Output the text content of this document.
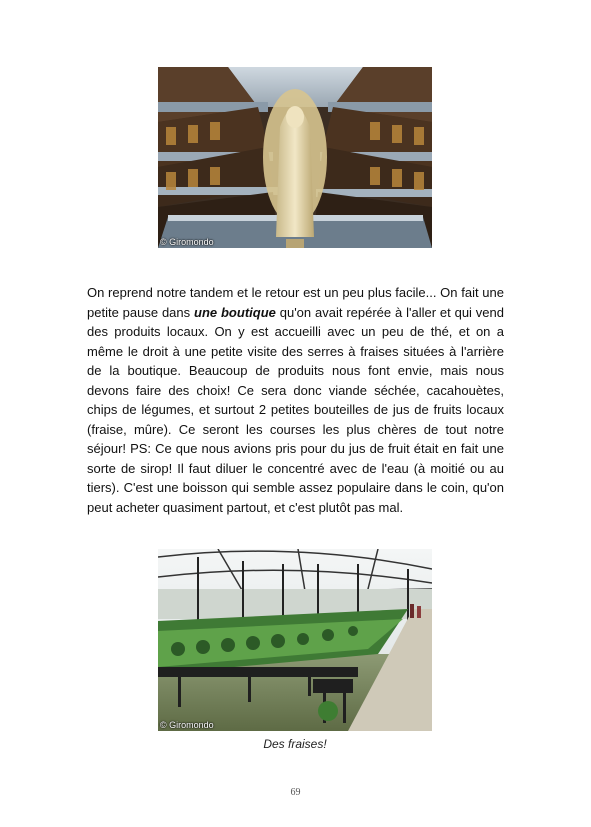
© Giromondo

On reprend notre tandem et le retour est un peu plus facile... On fait une petite pause dans une boutique qu'on avait repérée à l'aller et qui vend des produits locaux. On y est accueilli avec un peu de thé, et on a même le droit à une petite visite des serres à fraises situées à l'arrière de la boutique. Beaucoup de produits nous font envie, mais nous devons faire des choix! Ce sera donc viande séchée, cacahouètes, chips de légumes, et surtout 2 petites bouteilles de jus de fruits locaux (fraise, mûre). Ce seront les courses les plus chères de tout notre séjour! PS: Ce que nous avions pris pour du jus de fruit était en fait une sorte de sirop! Il faut diluer le concentré avec de l'eau (à moitié ou au tiers). C'est une boisson qui semble assez populaire dans le coin, qu'on peut acheter quasiment partout, et c'est plutôt pas mal.

© Giromondo
Des fraises!
69
